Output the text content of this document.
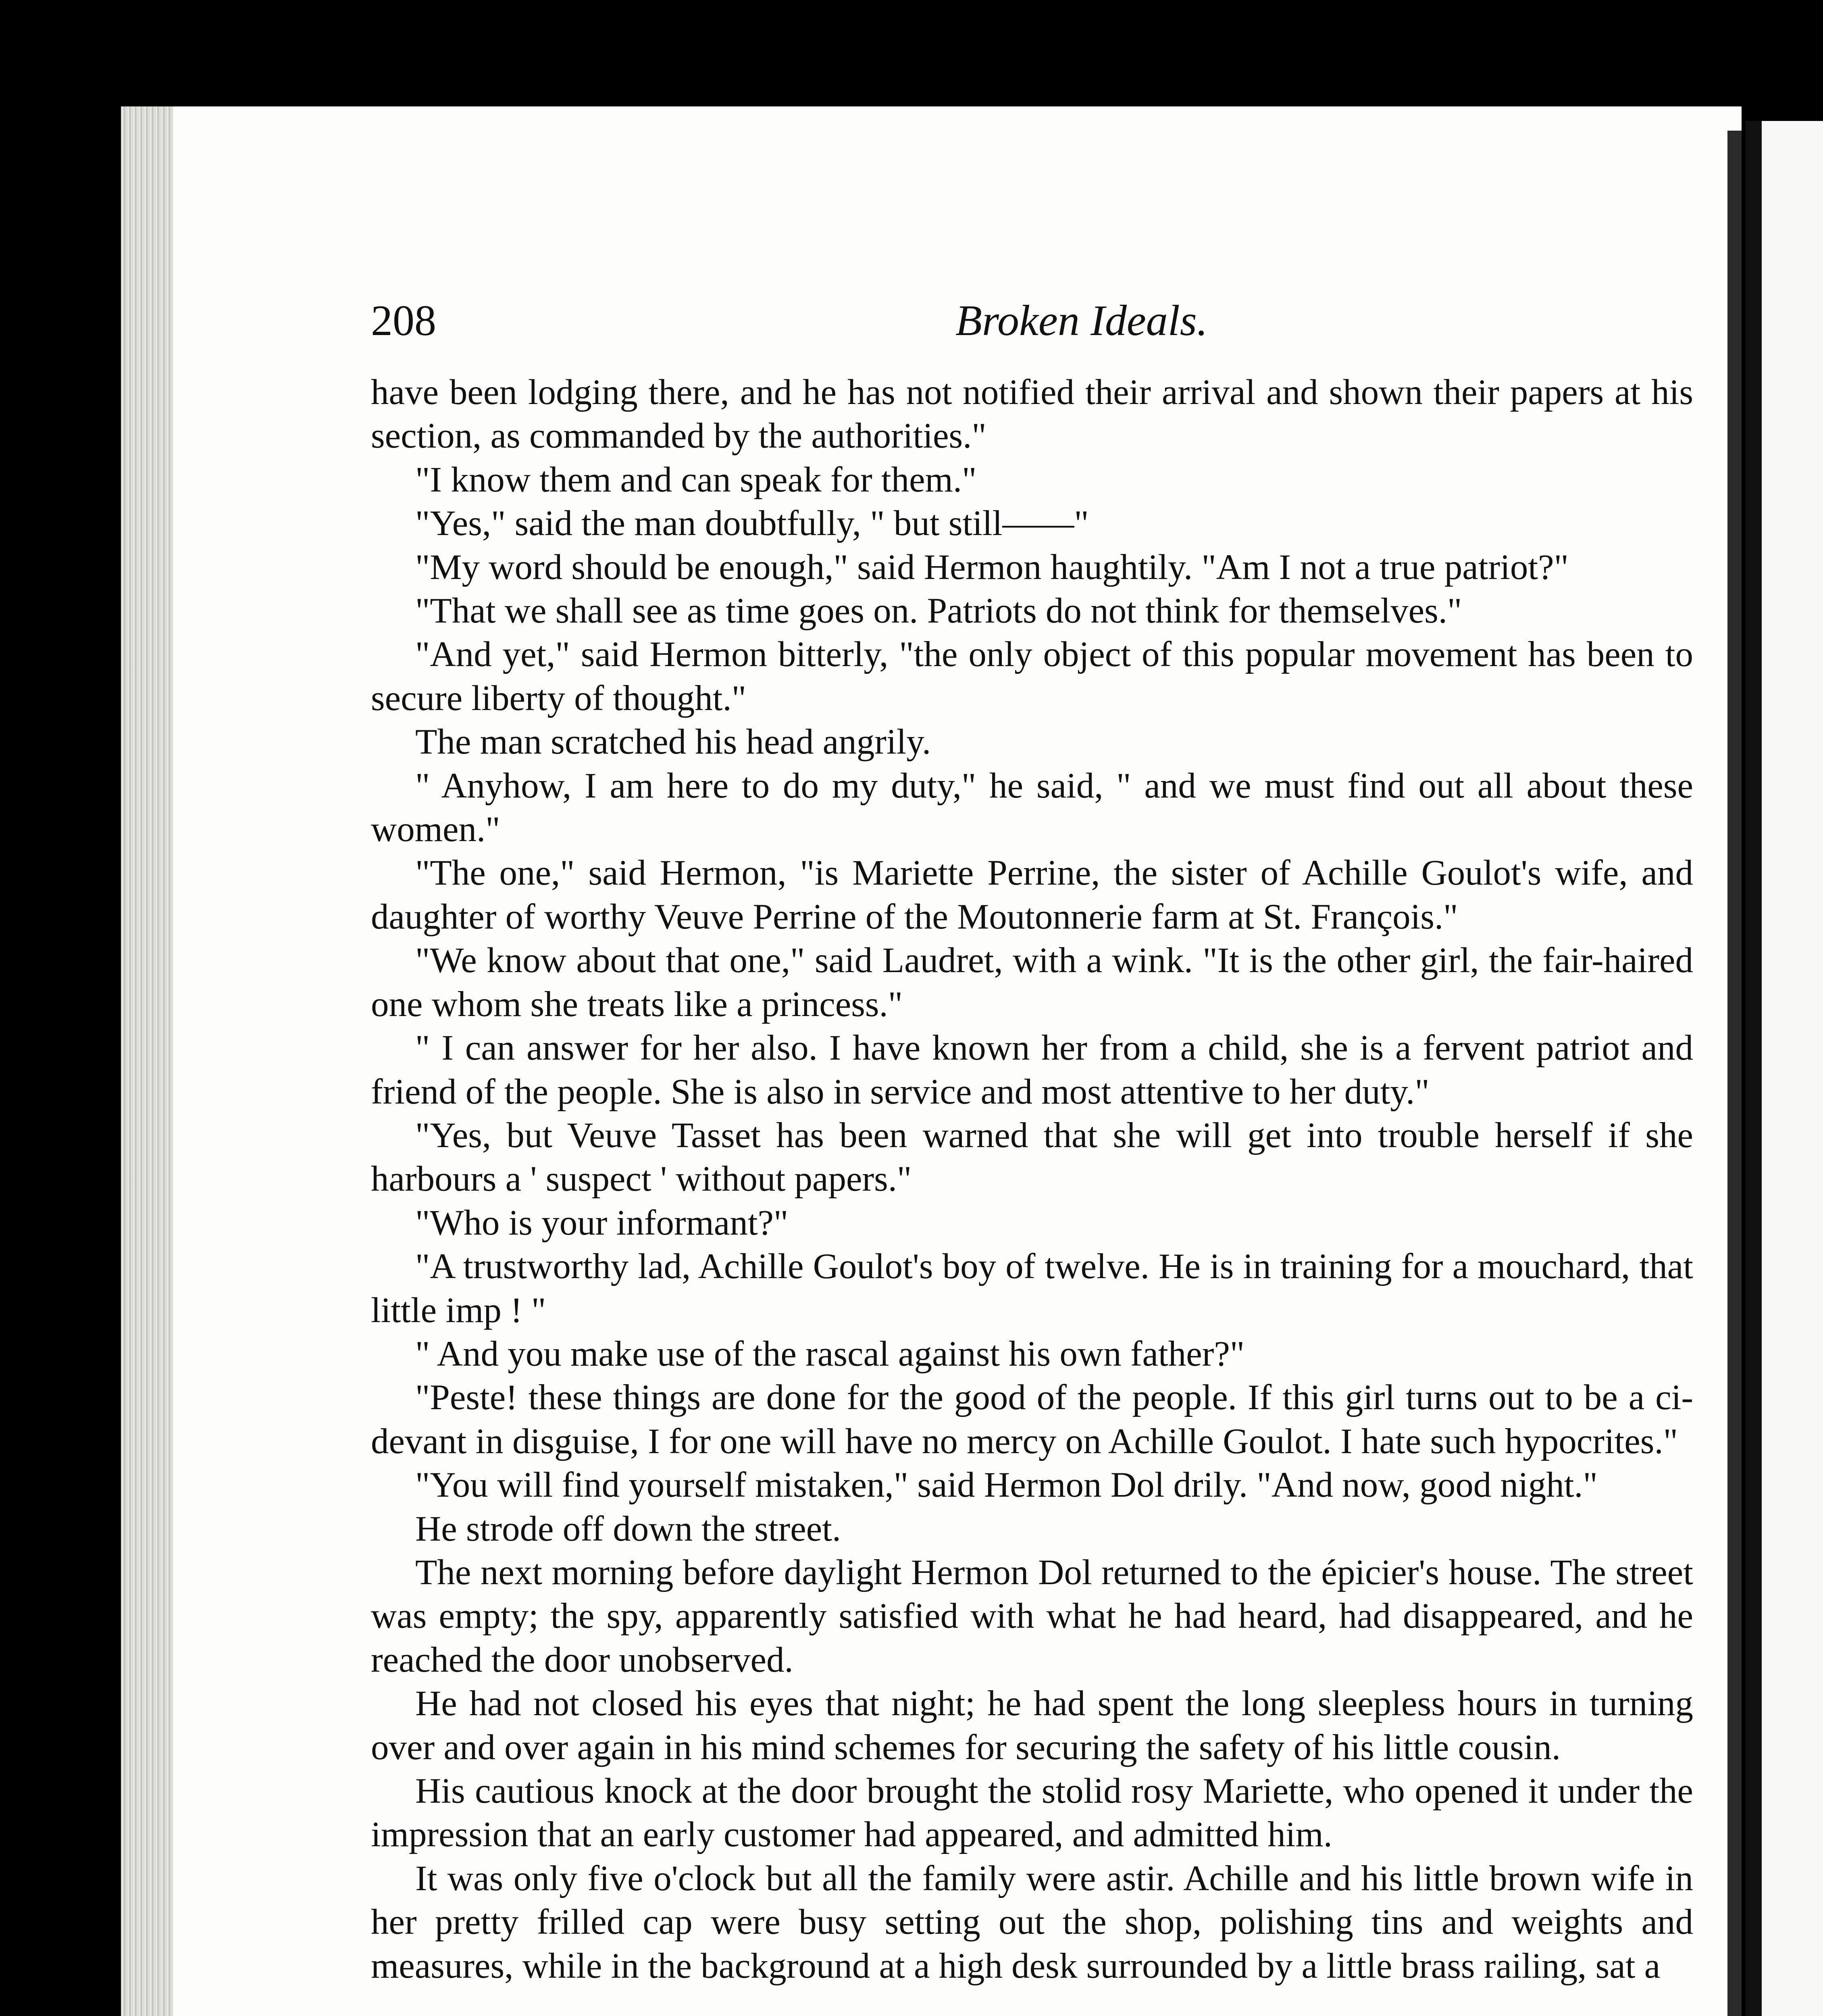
208	Broken Ideals.

have been lodging there, and he has not notified their arrival and shown their papers at his section, as commanded by the authorities."

"I know them and can speak for them."

"Yes," said the man doubtfully, " but still——"

"My word should be enough," said Hermon haughtily. "Am I not a true patriot?"

"That we shall see as time goes on. Patriots do not think for themselves."

"And yet," said Hermon bitterly, "the only object of this popular movement has been to secure liberty of thought."

The man scratched his head angrily.

" Anyhow, I am here to do my duty," he said, " and we must find out all about these women."

"The one," said Hermon, "is Mariette Perrine, the sister of Achille Goulot's wife, and daughter of worthy Veuve Perrine of the Moutonnerie farm at St. François."

"We know about that one," said Laudret, with a wink. "It is the other girl, the fair-haired one whom she treats like a princess."

" I can answer for her also. I have known her from a child, she is a fervent patriot and friend of the people. She is also in service and most attentive to her duty."

"Yes, but Veuve Tasset has been warned that she will get into trouble herself if she harbours a ' suspect ' without papers."

"Who is your informant?"

"A trustworthy lad, Achille Goulot's boy of twelve. He is in training for a mouchard, that little imp ! "

" And you make use of the rascal against his own father?"

"Peste! these things are done for the good of the people. If this girl turns out to be a ci-devant in disguise, I for one will have no mercy on Achille Goulot. I hate such hypocrites."

"You will find yourself mistaken," said Hermon Dol drily. "And now, good night."

He strode off down the street.

The next morning before daylight Hermon Dol returned to the épicier's house. The street was empty; the spy, apparently satisfied with what he had heard, had disappeared, and he reached the door unobserved.

He had not closed his eyes that night; he had spent the long sleepless hours in turning over and over again in his mind schemes for securing the safety of his little cousin.

His cautious knock at the door brought the stolid rosy Mariette, who opened it under the impression that an early customer had appeared, and admitted him.

It was only five o'clock but all the family were astir. Achille and his little brown wife in her pretty frilled cap were busy setting out the shop, polishing tins and weights and measures, while in the background at a high desk surrounded by a little brass railing, sat a
